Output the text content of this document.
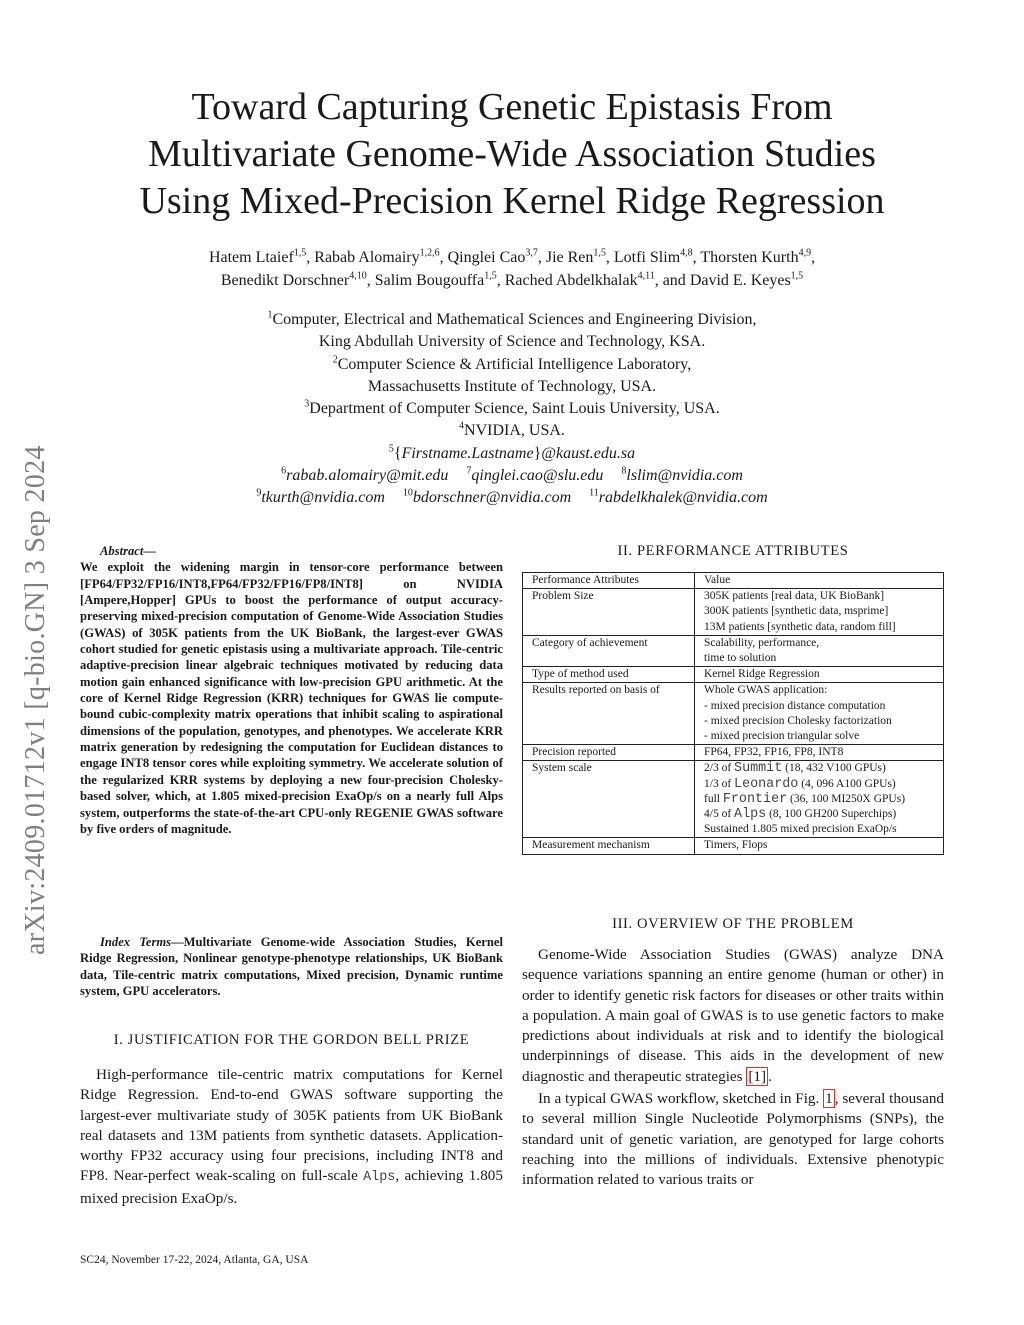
Toward Capturing Genetic Epistasis From
Multivariate Genome-Wide Association Studies
Using Mixed-Precision Kernel Ridge Regression
Hatem Ltaief$^{1,5}$, Rabab Alomairy$^{1,2,6}$, Qinglei Cao$^{3,7}$, Jie Ren$^{1,5}$, Lotfi Slim$^{4,8}$, Thorsten Kurth$^{4,9}$,
Benedikt Dorschner$^{4,10}$, Salim Bougouffa$^{1,5}$, Rached Abdelkhalak$^{4,11}$, and David E. Keyes$^{1,5}$
$^1$Computer, Electrical and Mathematical Sciences and Engineering Division,
King Abdullah University of Science and Technology, KSA.
$^2$Computer Science & Artificial Intelligence Laboratory,
Massachusetts Institute of Technology, USA.
$^3$Department of Computer Science, Saint Louis University, USA.
$^4$NVIDIA, USA.
$^5${Firstname.Lastname}@kaust.edu.sa
$^6$rabab.alomairy@mit.edu $^7$qinglei.cao@slu.edu $^8$lslim@nvidia.com
$^9$tkurth@nvidia.com $^{10}$bdorschner@nvidia.com $^{11}$rabdelkhalek@nvidia.com
arXiv:2409.01712v1 [q-bio.GN] 3 Sep 2024	Abstract—
We exploit the widening margin in tensor-core performance between [FP64/FP32/FP16/INT8,FP64/FP32/FP16/FP8/INT8] on NVIDIA [Ampere,Hopper] GPUs to boost the performance of output accuracy-preserving mixed-precision computation of Genome-Wide Association Studies (GWAS) of 305K patients from the UK BioBank, the largest-ever GWAS cohort studied for genetic epistasis using a multivariate approach. Tile-centric adaptive-precision linear algebraic techniques motivated by reducing data motion gain enhanced significance with low-precision GPU arithmetic. At the core of Kernel Ridge Regression (KRR) techniques for GWAS lie compute-bound cubic-complexity matrix operations that inhibit scaling to aspirational dimensions of the population, genotypes, and phenotypes. We accelerate KRR matrix generation by redesigning the computation for Euclidean distances to engage INT8 tensor cores while exploiting symmetry. We accelerate solution of the regularized KRR systems by deploying a new four-precision Cholesky-based solver, which, at 1.805 mixed-precision ExaOp/s on a nearly full Alps system, outperforms the state-of-the-art CPU-only REGENIE GWAS software by five orders of magnitude.

Index Terms—Multivariate Genome-wide Association Studies, Kernel Ridge Regression, Nonlinear genotype-phenotype relationships, UK BioBank data, Tile-centric matrix computations, Mixed precision, Dynamic runtime system, GPU accelerators.

I. JUSTIFICATION FOR THE GORDON BELL PRIZE

High-performance tile-centric matrix computations for Kernel Ridge Regression. End-to-end GWAS software supporting the largest-ever multivariate study of 305K patients from UK BioBank real datasets and 13M patients from synthetic datasets. Application-worthy FP32 accuracy using four precisions, including INT8 and FP8. Near-perfect weak-scaling on full-scale Alps, achieving 1.805 mixed precision ExaOp/s.

II. PERFORMANCE ATTRIBUTES
Performance Attributes	Value
Problem Size	305K patients [real data, UK BioBank]
300K patients [synthetic data, msprime]
13M patients [synthetic data, random fill]

Category of achievement	Scalability, performance,
time to solution

Type of method used	Kernel Ridge Regression

Results reported on basis of	Whole GWAS application:
- mixed precision distance computation
- mixed precision Cholesky factorization
- mixed precision triangular solve

Precision reported	FP64, FP32, FP16, FP8, INT8

System scale	2/3 of Summit (18, 432 V100 GPUs)
1/3 of Leonardo (4, 096 A100 GPUs)
full Frontier (36, 100 MI250X GPUs)
4/5 of Alps (8, 100 GH200 Superchips)
Sustained 1.805 mixed precision ExaOp/s

Measurement mechanism	Timers, Flops
III. OVERVIEW OF THE PROBLEM

Genome-Wide Association Studies (GWAS) analyze DNA sequence variations spanning an entire genome (human or other) in order to identify genetic risk factors for diseases or other traits within a population. A main goal of GWAS is to use genetic factors to make predictions about individuals at risk and to identify the biological underpinnings of disease. This aids in the development of new diagnostic and therapeutic strategies [1] .

In a typical GWAS workflow, sketched in Fig. 1 , several thousand to several million Single Nucleotide Polymorphisms (SNPs), the standard unit of genetic variation, are genotyped for large cohorts reaching into the millions of individuals. Extensive phenotypic information related to various traits or

SC24, November 17-22, 2024, Atlanta, GA, USA
